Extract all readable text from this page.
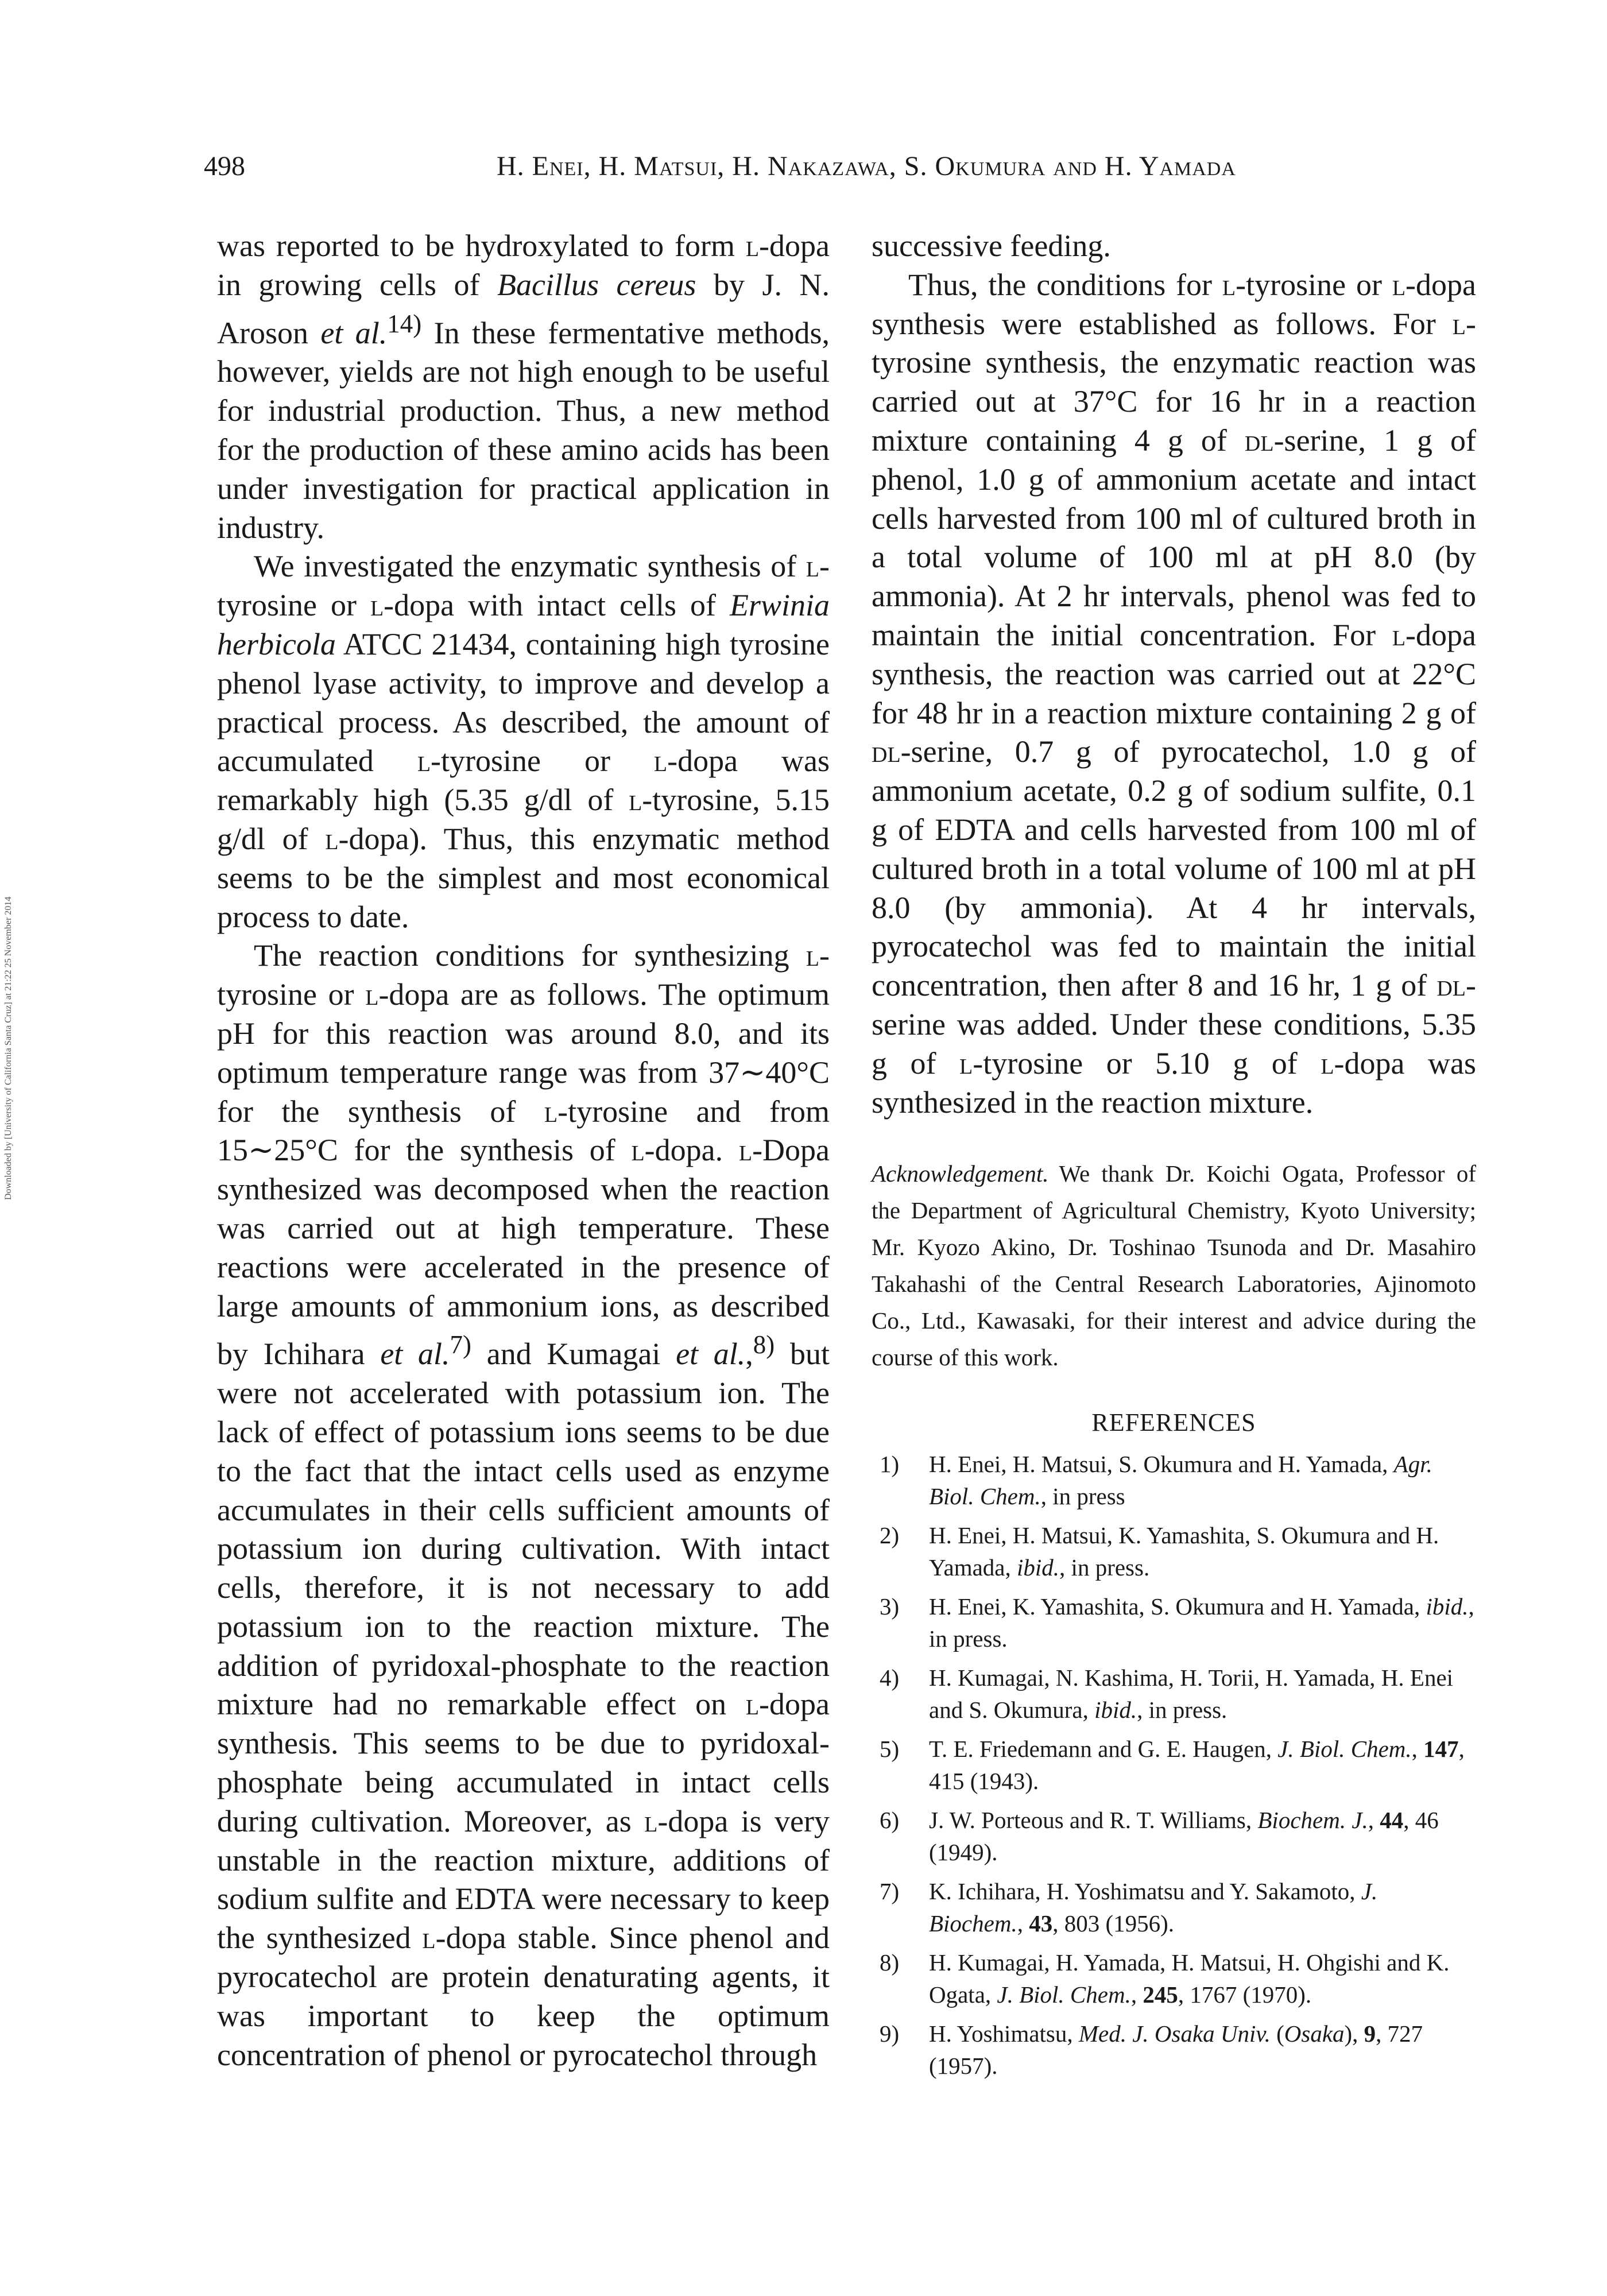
Downloaded by [University of California Santa Cruz] at 21:22 25 November 2014
498	H. Enei, H. Matsui, H. Nakazawa, S. Okumura and H. Yamada

was reported to be hydroxylated to form l-dopa in growing cells of Bacillus cereus by J. N. Aroson et al.$^{14)}$ In these fermentative methods, however, yields are not high enough to be useful for industrial production. Thus, a new method for the production of these amino acids has been under investigation for practical application in industry.

We investigated the enzymatic synthesis of l-tyrosine or l-dopa with intact cells of Erwinia herbicola ATCC 21434, containing high tyrosine phenol lyase activity, to improve and develop a practical process. As described, the amount of accumulated l-tyrosine or l-dopa was remarkably high (5.35 g/dl of l-tyrosine, 5.15 g/dl of l-dopa). Thus, this enzymatic method seems to be the simplest and most economical process to date.

The reaction conditions for synthesizing l-tyrosine or l-dopa are as follows. The optimum pH for this reaction was around 8.0, and its optimum temperature range was from 37∼40°C for the synthesis of l-tyrosine and from 15∼25°C for the synthesis of l-dopa. l-Dopa synthesized was decomposed when the reaction was carried out at high temperature. These reactions were accelerated in the presence of large amounts of ammonium ions, as described by Ichihara et al.$^{7)}$ and Kumagai et al.,$^{8)}$ but were not accelerated with potassium ion. The lack of effect of potassium ions seems to be due to the fact that the intact cells used as enzyme accumulates in their cells sufficient amounts of potassium ion during cultivation. With intact cells, therefore, it is not necessary to add potassium ion to the reaction mixture. The addition of pyridoxal-phosphate to the reaction mixture had no remarkable effect on l-dopa synthesis. This seems to be due to pyridoxal-phosphate being accumulated in intact cells during cultivation. Moreover, as l-dopa is very unstable in the reaction mixture, additions of sodium sulfite and EDTA were necessary to keep the synthesized l-dopa stable. Since phenol and pyrocatechol are protein denaturating agents, it was important to keep the optimum concentration of phenol or pyrocatechol through

successive feeding.

Thus, the conditions for l-tyrosine or l-dopa synthesis were established as follows. For l-tyrosine synthesis, the enzymatic reaction was carried out at 37°C for 16 hr in a reaction mixture containing 4 g of dl-serine, 1 g of phenol, 1.0 g of ammonium acetate and intact cells harvested from 100 ml of cultured broth in a total volume of 100 ml at pH 8.0 (by ammonia). At 2 hr intervals, phenol was fed to maintain the initial concentration. For l-dopa synthesis, the reaction was carried out at 22°C for 48 hr in a reaction mixture containing 2 g of dl-serine, 0.7 g of pyrocatechol, 1.0 g of ammonium acetate, 0.2 g of sodium sulfite, 0.1 g of EDTA and cells harvested from 100 ml of cultured broth in a total volume of 100 ml at pH 8.0 (by ammonia). At 4 hr intervals, pyrocatechol was fed to maintain the initial concentration, then after 8 and 16 hr, 1 g of dl-serine was added. Under these conditions, 5.35 g of l-tyrosine or 5.10 g of l-dopa was synthesized in the reaction mixture.

Acknowledgement. We thank Dr. Koichi Ogata, Professor of the Department of Agricultural Chemistry, Kyoto University; Mr. Kyozo Akino, Dr. Toshinao Tsunoda and Dr. Masahiro Takahashi of the Central Research Laboratories, Ajinomoto Co., Ltd., Kawasaki, for their interest and advice during the course of this work.

REFERENCES
1) H. Enei, H. Matsui, S. Okumura and H. Yamada, Agr. Biol. Chem., in press
2) H. Enei, H. Matsui, K. Yamashita, S. Okumura and H. Yamada, ibid., in press.
3) H. Enei, K. Yamashita, S. Okumura and H. Yamada, ibid., in press.
4) H. Kumagai, N. Kashima, H. Torii, H. Yamada, H. Enei and S. Okumura, ibid., in press.
5) T. E. Friedemann and G. E. Haugen, J. Biol. Chem., 147, 415 (1943).
6) J. W. Porteous and R. T. Williams, Biochem. J., 44, 46 (1949).
7) K. Ichihara, H. Yoshimatsu and Y. Sakamoto, J. Biochem., 43, 803 (1956).
8) H. Kumagai, H. Yamada, H. Matsui, H. Ohgishi and K. Ogata, J. Biol. Chem., 245, 1767 (1970).
9) H. Yoshimatsu, Med. J. Osaka Univ. (Osaka), 9, 727 (1957).
